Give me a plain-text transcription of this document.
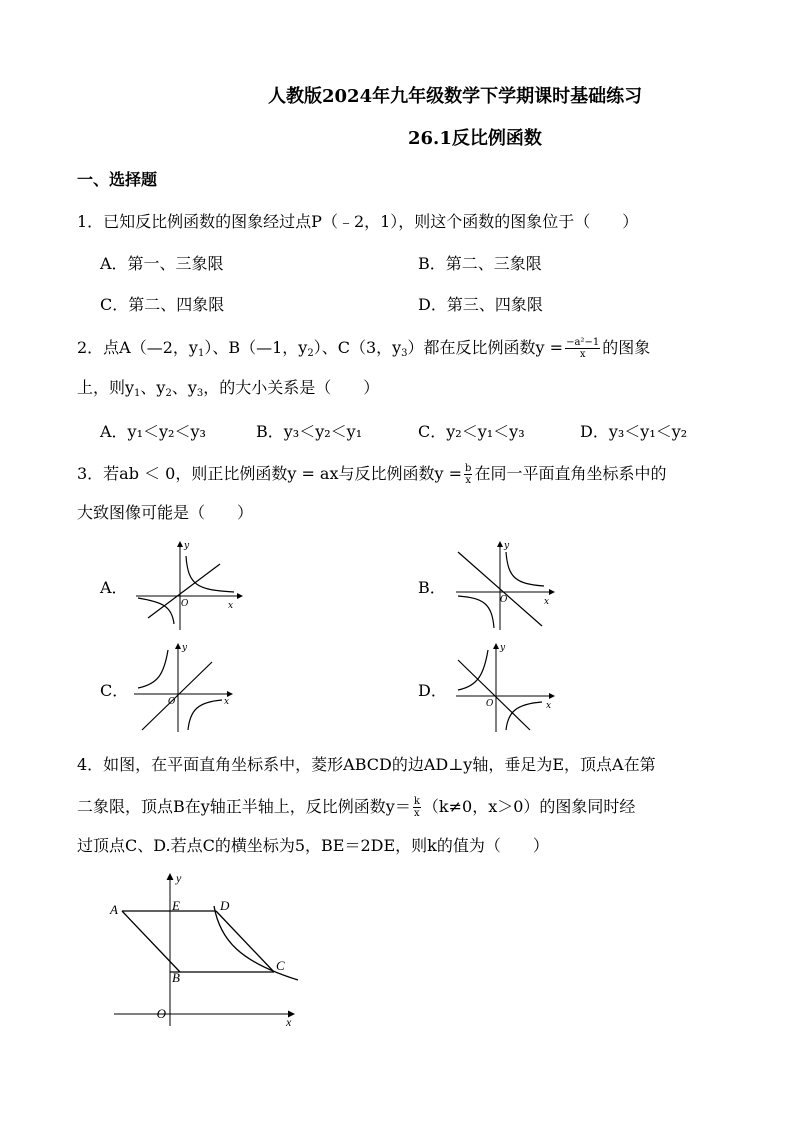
人教版2024年九年级数学下学期课时基础练习
26.1反比例函数
一、选择题
1．已知反比例函数的图象经过点P（﹣2，1），则这个函数的图象位于（　　）
A．第一、三象限	B．第二、三象限
C．第二、四象限	D．第三、四象限
2．点A（—2，$y_1$）、B（—1，$y_2$）、C（3，$y_3$）都在反比例函数$y = \frac{\text{−a²−1}}{x}$ 的图象
上，则$y_1$、$y_2$、$y_3$，的大小关系是（　　）
A．y₁＜y₂＜y₃	B．y₃＜y₂＜y₁	C．y₂＜y₁＜y₃	D．y₃＜y₁＜y₂
3．若ab ＜ 0，则正比例函数y = ax与反比例函数$y = \frac{b}{x}$ 在同一平面直角坐标系中的
大致图像可能是（　　）
A．	B．
C．	D．
y
x
O
y
x
O
y
x
O
y
x
O
4．如图，在平面直角坐标系中，菱形ABCD的边AD⊥y轴，垂足为E，顶点A在第
二象限，顶点B在y轴正半轴上，反比例函数$y= \frac{k}{x} (k\ne 0$，x＞0）的图象同时经
过顶点C、D.若点C的横坐标为5，BE＝2DE，则k的值为（　　）
A	E	D
B
C
O
x
y
